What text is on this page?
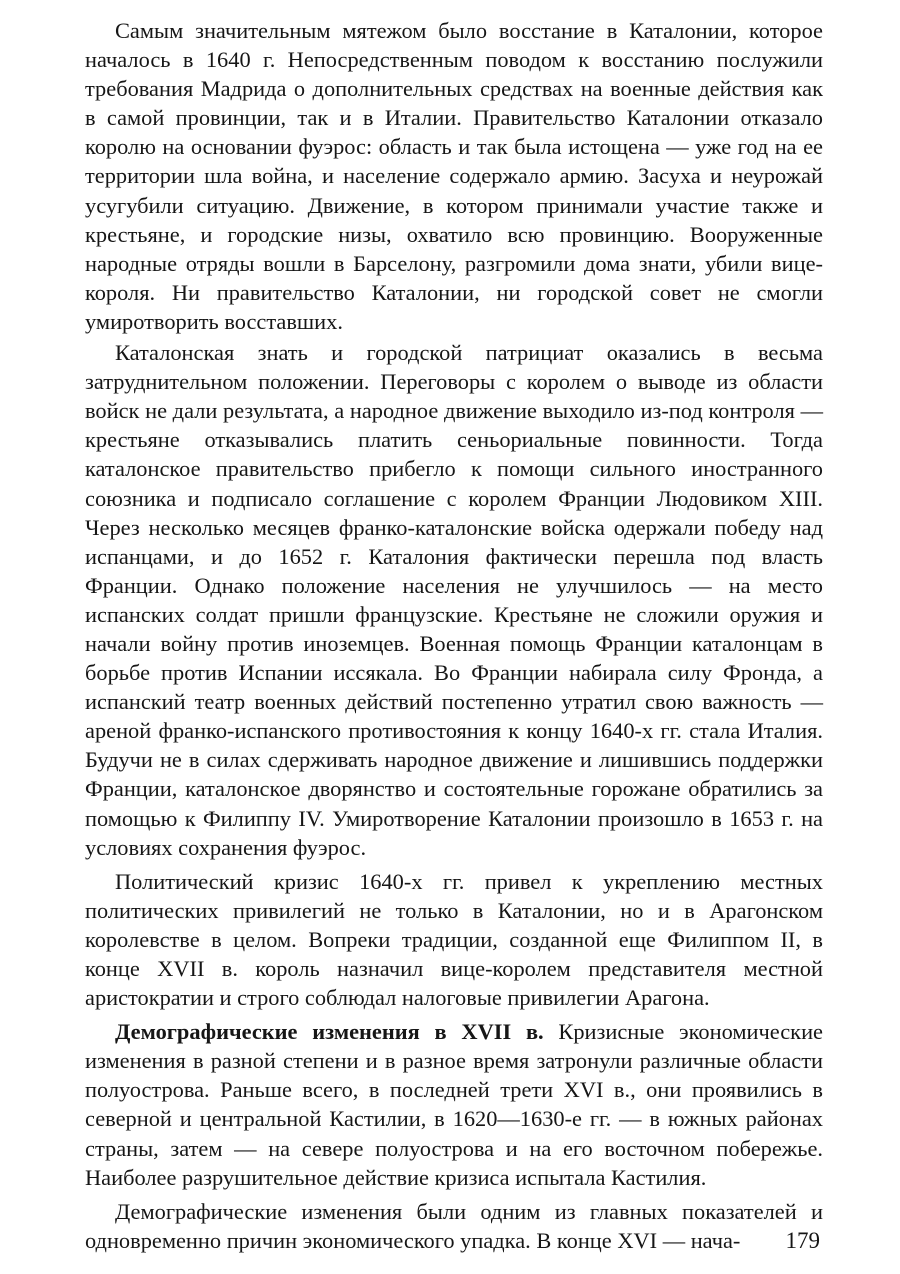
Самым значительным мятежом было восстание в Каталонии, которое началось в 1640 г. Непосредственным поводом к восстанию послужили требования Мадрида о дополнительных средствах на военные действия как в самой провинции, так и в Италии. Правительство Каталонии отказало королю на основании фуэрос: область и так была истощена — уже год на ее территории шла война, и население содержало армию. Засуха и неурожай усугубили ситуацию. Движение, в котором принимали участие также и крестьяне, и городские низы, охватило всю провинцию. Вооруженные народные отряды вошли в Барселону, разгромили дома знати, убили вице-короля. Ни правительство Каталонии, ни городской совет не смогли умиротворить восставших.

Каталонская знать и городской патрициат оказались в весьма затруднительном положении. Переговоры с королем о выводе из области войск не дали результата, а народное движение выходило из-под контроля — крестьяне отказывались платить сеньориальные повинности. Тогда каталонское правительство прибегло к помощи сильного иностранного союзника и подписало соглашение с королем Франции Людовиком XIII. Через несколько месяцев франко-каталонские войска одержали победу над испанцами, и до 1652 г. Каталония фактически перешла под власть Франции. Однако положение населения не улучшилось — на место испанских солдат пришли французские. Крестьяне не сложили оружия и начали войну против иноземцев. Военная помощь Франции каталонцам в борьбе против Испании иссякала. Во Франции набирала силу Фронда, а испанский театр военных действий постепенно утратил свою важность — ареной франко-испанского противостояния к концу 1640-х гг. стала Италия. Будучи не в силах сдерживать народное движение и лишившись поддержки Франции, каталонское дворянство и состоятельные горожане обратились за помощью к Филиппу IV. Умиротворение Каталонии произошло в 1653 г. на условиях сохранения фуэрос.

Политический кризис 1640-х гг. привел к укреплению местных политических привилегий не только в Каталонии, но и в Арагонском королевстве в целом. Вопреки традиции, созданной еще Филиппом II, в конце XVII в. король назначил вице-королем представителя местной аристократии и строго соблюдал налоговые привилегии Арагона.

Демографические изменения в XVII в. Кризисные экономические изменения в разной степени и в разное время затронули различные области полуострова. Раньше всего, в последней трети XVI в., они проявились в северной и центральной Кастилии, в 1620—1630-е гг. — в южных районах страны, затем — на севере полуострова и на его восточном побережье. Наиболее разрушительное действие кризиса испытала Кастилия.

Демографические изменения были одним из главных показателей и одновременно причин экономического упадка. В конце XVI — нача-	179
